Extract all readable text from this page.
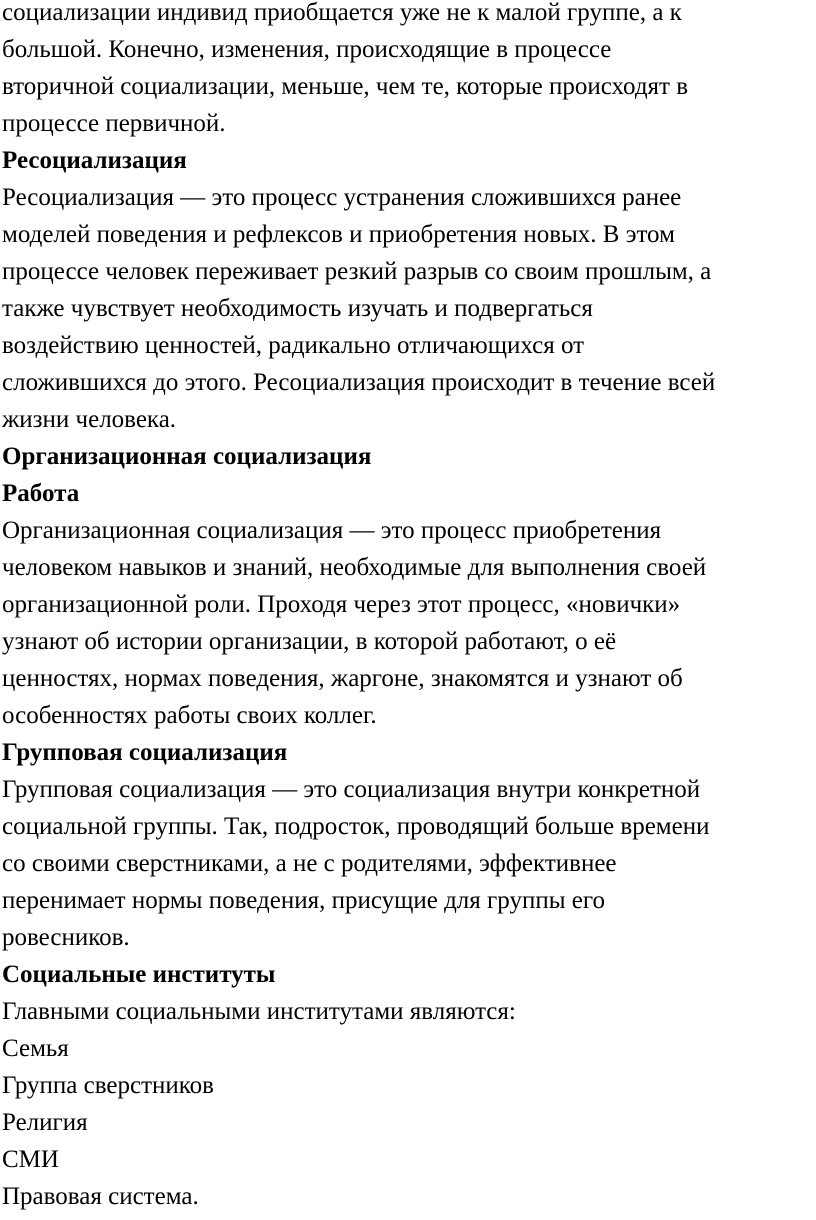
социализации индивид приобщается уже не к малой группе, а к
большой. Конечно, изменения, происходящие в процессе
вторичной социализации, меньше, чем те, которые происходят в
процессе первичной.
Ресоциализация
Ресоциализация — это процесс устранения сложившихся ранее
моделей поведения и рефлексов и приобретения новых. В этом
процессе человек переживает резкий разрыв со своим прошлым, а
также чувствует необходимость изучать и подвергаться
воздействию ценностей, радикально отличающихся от
сложившихся до этого. Ресоциализация происходит в течение всей
жизни человека.
Организационная социализация
Работа
Организационная социализация — это процесс приобретения
человеком навыков и знаний, необходимые для выполнения своей
организационной роли. Проходя через этот процесс, «новички»
узнают об истории организации, в которой работают, о её
ценностях, нормах поведения, жаргоне, знакомятся и узнают об
особенностях работы своих коллег.
Групповая социализация
Групповая социализация — это социализация внутри конкретной
социальной группы. Так, подросток, проводящий больше времени
со своими сверстниками, а не с родителями, эффективнее
перенимает нормы поведения, присущие для группы его
ровесников.
Социальные институты
Главными социальными институтами являются:
Семья
Группа сверстников
Религия
СМИ
Правовая система.
